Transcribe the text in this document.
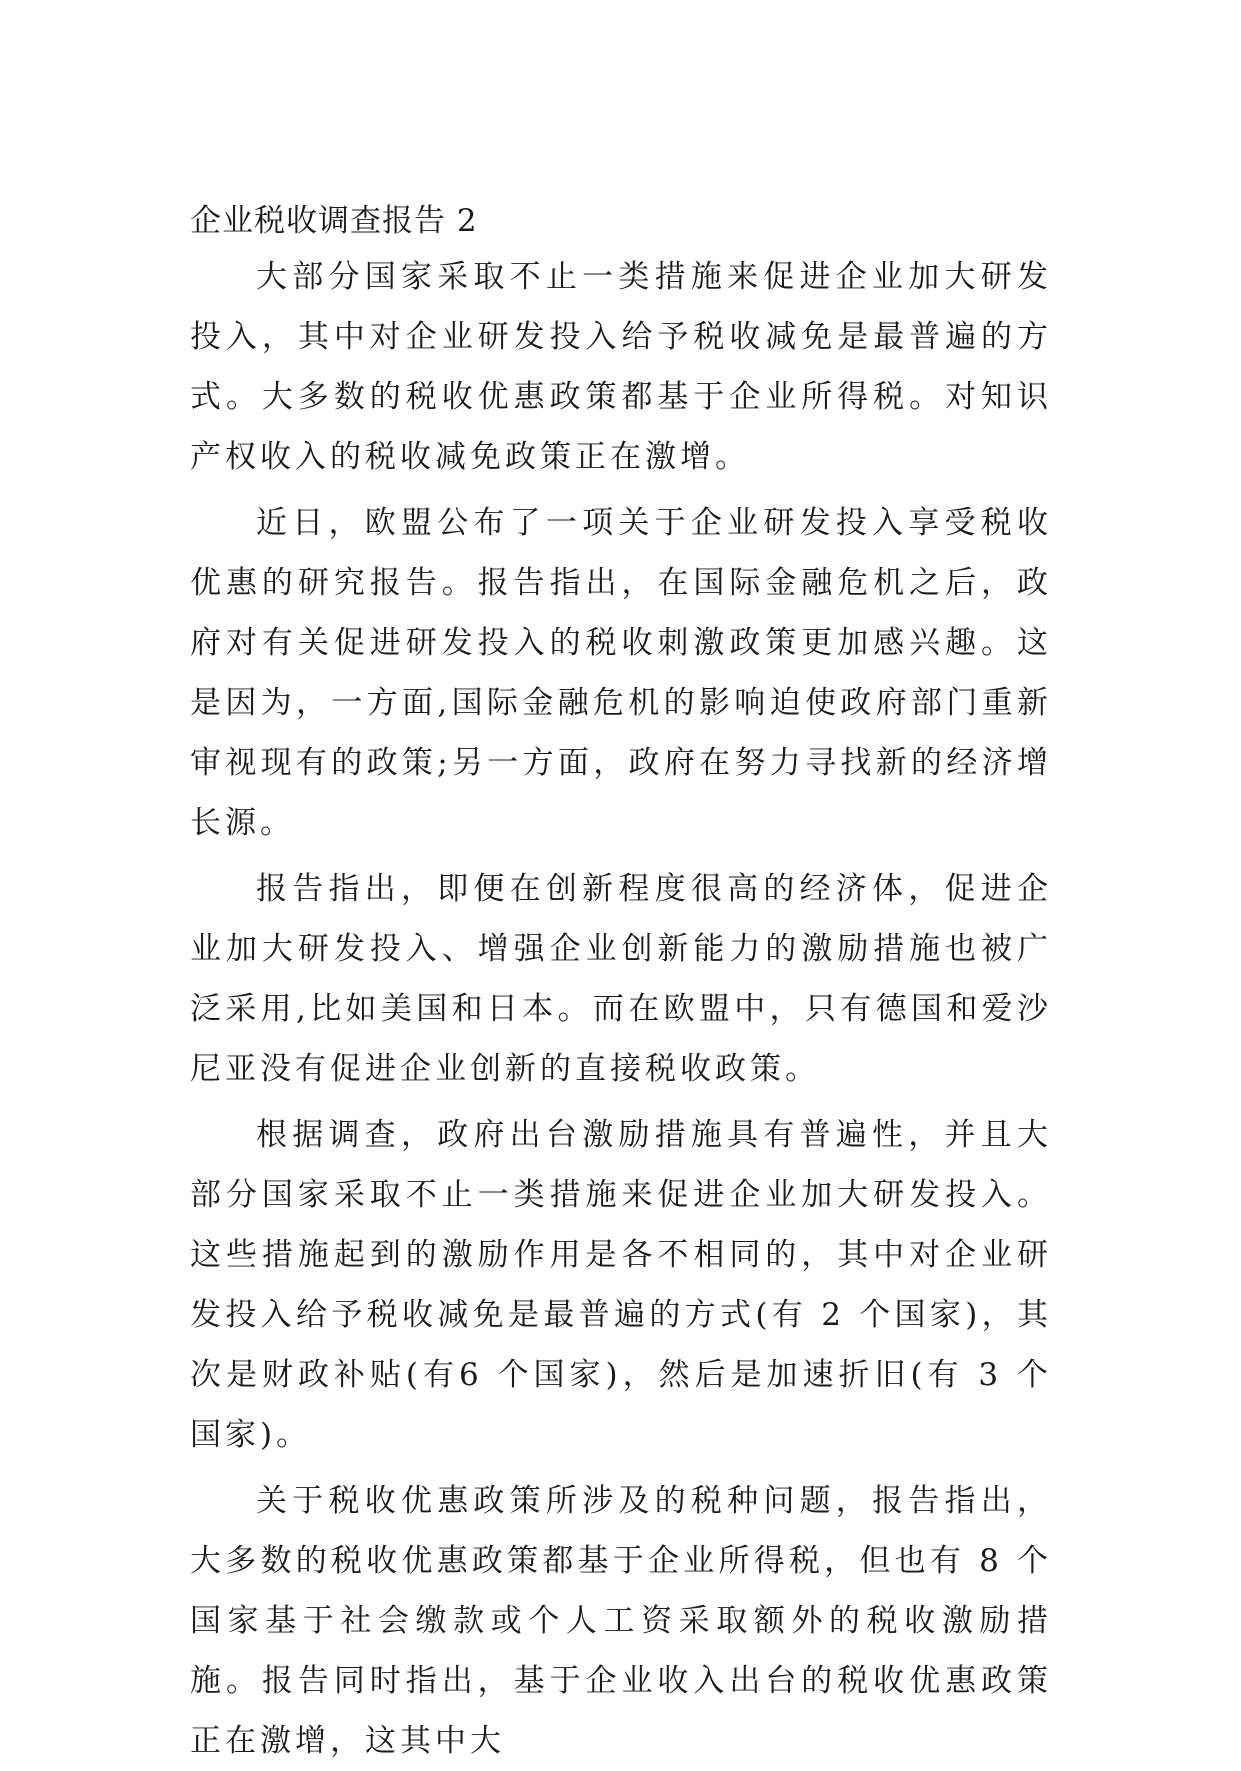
企业税收调查报告 2

大部分国家采取不止一类措施来促进企业加大研发投入，其中对企业研发投入给予税收减免是最普遍的方式。大多数的税收优惠政策都基于企业所得税。对知识产权收入的税收减免政策正在激增。

近日，欧盟公布了一项关于企业研发投入享受税收优惠的研究报告。报告指出，在国际金融危机之后，政府对有关促进研发投入的税收刺激政策更加感兴趣。这是因为，一方面,国际金融危机的影响迫使政府部门重新审视现有的政策;另一方面，政府在努力寻找新的经济增长源。

报告指出，即便在创新程度很高的经济体，促进企业加大研发投入、增强企业创新能力的激励措施也被广泛采用,比如美国和日本。而在欧盟中，只有德国和爱沙尼亚没有促进企业创新的直接税收政策。

根据调查，政府出台激励措施具有普遍性，并且大部分国家采取不止一类措施来促进企业加大研发投入。这些措施起到的激励作用是各不相同的，其中对企业研发投入给予税收减免是最普遍的方式(有 2 个国家)，其次是财政补贴(有6 个国家)，然后是加速折旧(有 3 个国家)。

关于税收优惠政策所涉及的税种问题，报告指出，大多数的税收优惠政策都基于企业所得税，但也有 8 个国家基于社会缴款或个人工资采取额外的税收激励措施。报告同时指出，基于企业收入出台的税收优惠政策正在激增，这其中大
